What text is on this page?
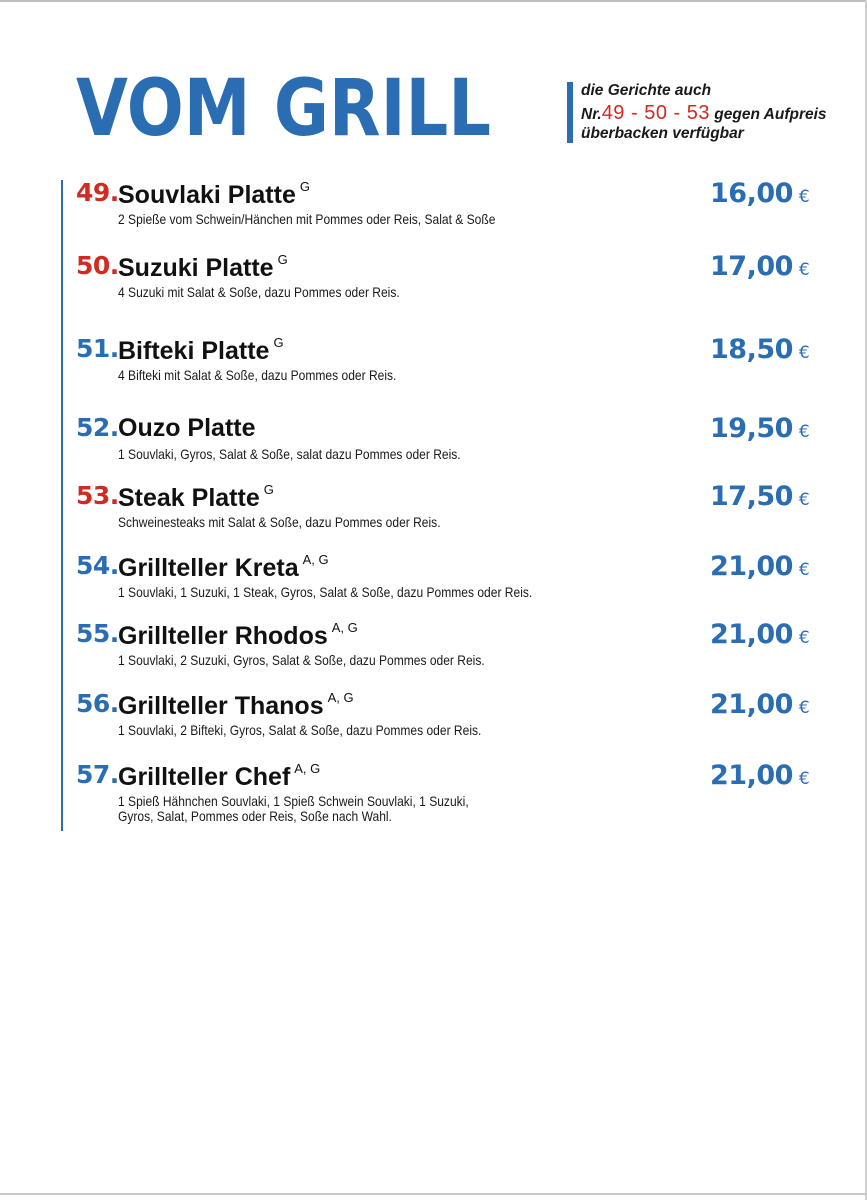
VOM GRILL	die Gerichte auch
Nr.49 - 50 - 53 gegen Aufpreis
überbacken verfügbar
49. Souvlaki Platte $^G$	16,00 €
2 Spieße vom Schwein/Hänchen mit Pommes oder Reis, Salat & Soße
50. Suzuki Platte $^G$	17,00 €
4 Suzuki mit Salat & Soße, dazu Pommes oder Reis.
51. Bifteki Platte $^G$	18,50 €
4 Bifteki mit Salat & Soße, dazu Pommes oder Reis.
52. Ouzo Platte	19,50 €
1 Souvlaki, Gyros, Salat & Soße, salat dazu Pommes oder Reis.
53. Steak Platte $^G$	17,50 €
Schweinesteaks mit Salat & Soße, dazu Pommes oder Reis.
54. Grillteller Kreta $^{A, G}$	21,00 €
1 Souvlaki, 1 Suzuki, 1 Steak, Gyros, Salat & Soße, dazu Pommes oder Reis.
55. Grillteller Rhodos $^{A, G}$	21,00 €
1 Souvlaki, 2 Suzuki, Gyros, Salat & Soße, dazu Pommes oder Reis.
56. Grillteller Thanos $^{A, G}$	21,00 €
1 Souvlaki, 2 Bifteki, Gyros, Salat & Soße, dazu Pommes oder Reis.
57. Grillteller Chef $^{A, G}$	21,00 €
1 Spieß Hähnchen Souvlaki, 1 Spieß Schwein Souvlaki, 1 Suzuki,
Gyros, Salat, Pommes oder Reis, Soße nach Wahl.
